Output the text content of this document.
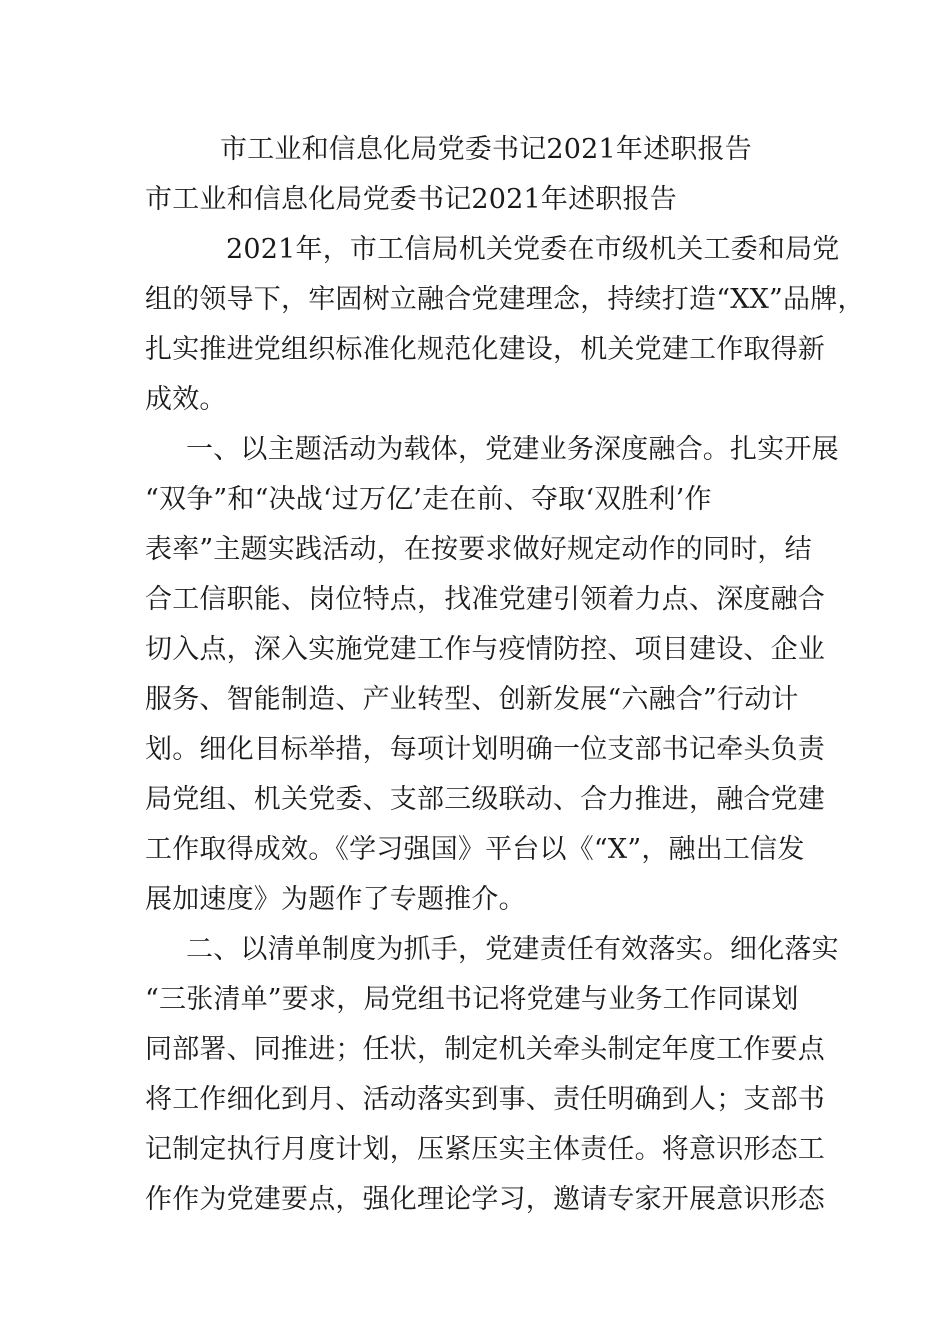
市工业和信息化局党委书记2021年述职报告
市工业和信息化局党委书记2021年述职报告
2021年，市工信局机关党委在市级机关工委和局党
组的领导下，牢固树立融合党建理念，持续打造“XX”品牌，
扎实推进党组织标准化规范化建设，机关党建工作取得新
成效。
一、以主题活动为载体，党建业务深度融合。扎实开展
“双争”和“决战‘过万亿’走在前、夺取‘双胜利’作
表率”主题实践活动，在按要求做好规定动作的同时，结
合工信职能、岗位特点，找准党建引领着力点、深度融合
切入点，深入实施党建工作与疫情防控、项目建设、企业
服务、智能制造、产业转型、创新发展“六融合”行动计
划。细化目标举措，每项计划明确一位支部书记牵头负责
局党组、机关党委、支部三级联动、合力推进，融合党建
工作取得成效。《学习强国》平台以《“X”，融出工信发
展加速度》为题作了专题推介。
二、以清单制度为抓手，党建责任有效落实。细化落实
“三张清单”要求，局党组书记将党建与业务工作同谋划
同部署、同推进；任状，制定机关牵头制定年度工作要点
将工作细化到月、活动落实到事、责任明确到人；支部书
记制定执行月度计划，压紧压实主体责任。将意识形态工
作作为党建要点，强化理论学习，邀请专家开展意识形态
